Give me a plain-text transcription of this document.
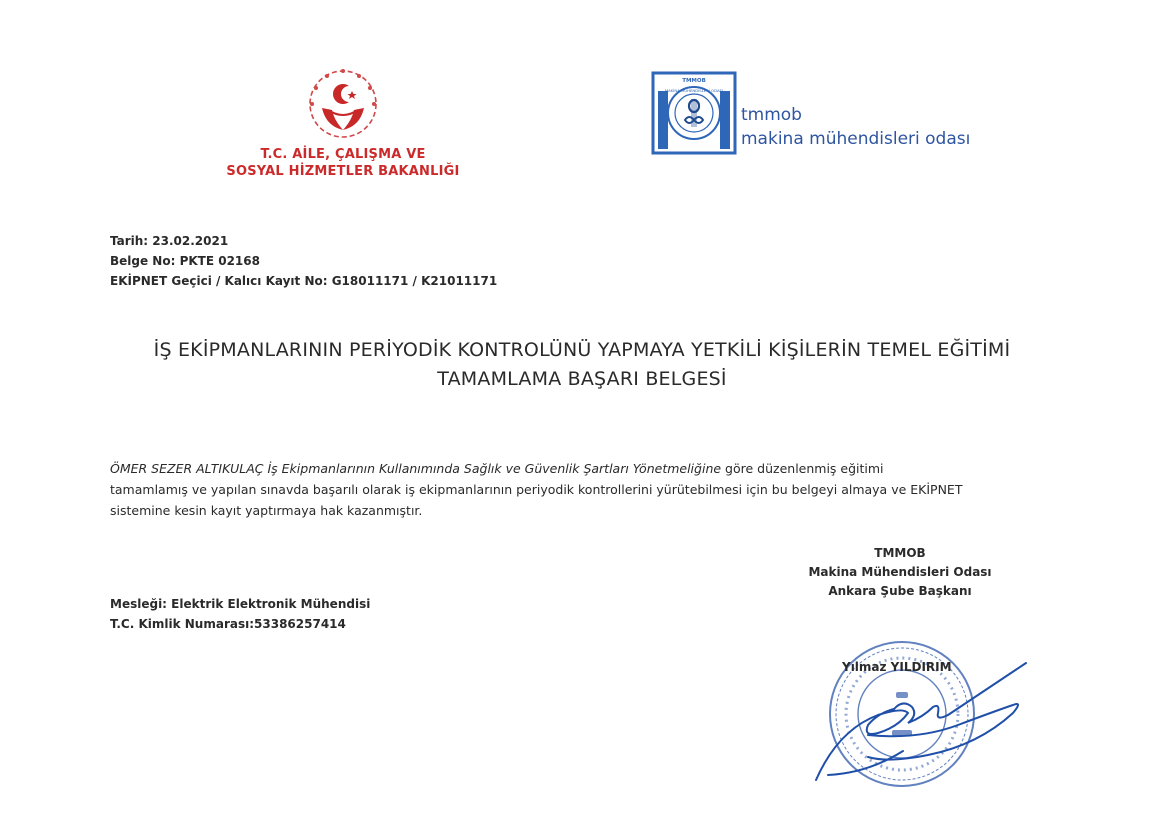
T.C. AİLE, ÇALIŞMA VE
SOSYAL HİZMETLER BAKANLIĞI
TMMOB
MAKİNA MÜHENDİSLERİ ODASI
tmmob
makina mühendisleri odası
Tarih: 23.02.2021
Belge No: PKTE 02168
EKİPNET Geçici / Kalıcı Kayıt No: G18011171 / K21011171
İŞ EKİPMANLARININ PERİYODİK KONTROLÜNÜ YAPMAYA YETKİLİ KİŞİLERİN TEMEL EĞİTİMİ
TAMAMLAMA BAŞARI BELGESİ
ÖMER SEZER ALTIKULAÇ İş Ekipmanlarının Kullanımında Sağlık ve Güvenlik Şartları Yönetmeliğine göre düzenlenmiş eğitimi
tamamlamış ve yapılan sınavda başarılı olarak iş ekipmanlarının periyodik kontrollerini yürütebilmesi için bu belgeyi almaya ve EKİPNET
sistemine kesin kayıt yaptırmaya hak kazanmıştır.
TMMOB
Makina Mühendisleri Odası
Ankara Şube Başkanı
Mesleği: Elektrik Elektronik Mühendisi
T.C. Kimlik Numarası:53386257414
Yılmaz YILDIRIM
